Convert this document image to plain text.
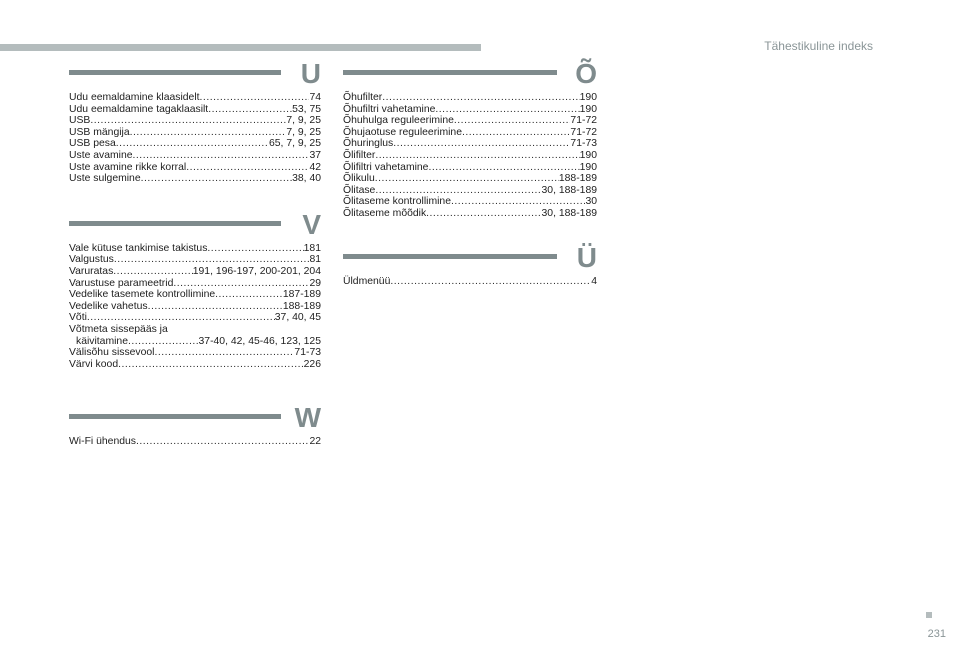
Tähestikuline indeks
U
Udu eemaldamine klaasidelt .....	74
Udu eemaldamine tagaklaasilt .....	53, 75
USB .....	7, 9, 25
USB mängija .....	7, 9, 25
USB pesa .....	65, 7, 9, 25
Uste avamine .....	37
Uste avamine rikke korral .....	42
Uste sulgemine .....	38, 40
V
Vale kütuse tankimise takistus .....	181
Valgustus .....	81
Varuratas .....	191, 196-197, 200-201, 204
Varustuse parameetrid .....	29
Vedelike tasemete kontrollimine .....	187-189
Vedelike vahetus .....	188-189
Võti .....	37, 40, 45
Võtmeta sissepääs ja
käivitamine .....	37-40, 42, 45-46, 123, 125
Välisõhu sissevool .....	71-73
Värvi kood .....	226
W
Wi-Fi ühendus .....	22
Õ
Õhufilter .....	190
Õhufiltri vahetamine .....	190
Õhuhulga reguleerimine .....	71-72
Õhujaotuse reguleerimine .....	71-72
Õhuringlus .....	71-73
Õlifilter .....	190
Õlifiltri vahetamine .....	190
Õlikulu .....	188-189
Õlitase .....	30, 188-189
Õlitaseme kontrollimine .....	30
Õlitaseme mõõdik .....	30, 188-189
Ü
Üldmenüü .....	4
231
